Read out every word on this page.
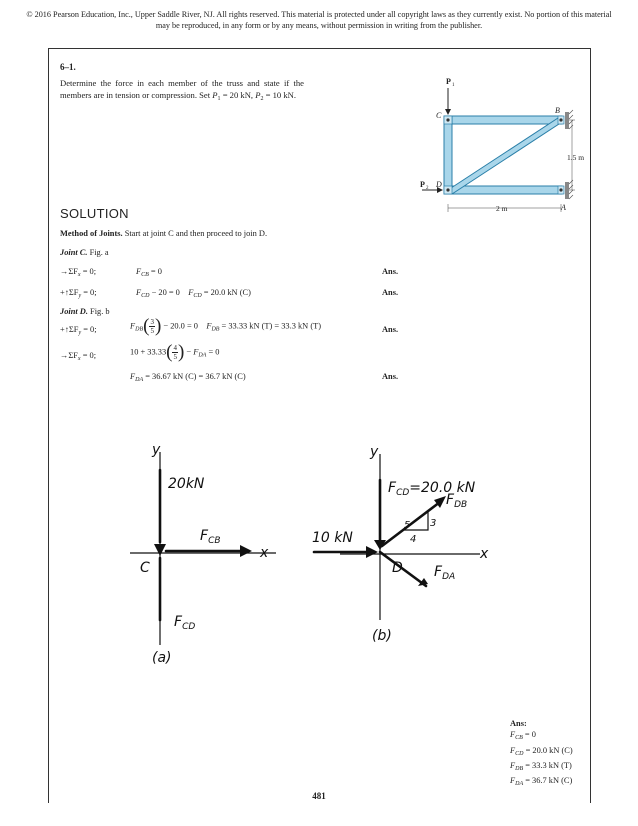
© 2016 Pearson Education, Inc., Upper Saddle River, NJ. All rights reserved. This material is protected under all copyright laws as they currently exist. No portion of this material may be reproduced, in any form or by any means, without permission in writing from the publisher.
6–1.
Determine the force in each member of the truss and state if the members are in tension or compression. Set $P_1 = 20$ kN, $P_2 = 10$ kN.
P 1
C
B
P 2 D
A
1.5 m
2 m
SOLUTION
Method of Joints. Start at joint C and then proceed to join D.
Joint C. Fig. a
$\to\Sigma F_x = 0$;	$F_{CB} = 0$	Ans.
$+↑\Sigma F_y = 0$;	$F_{CD} - 20 = 0$ $F_{CD} = 20.0$ kN (C)	Ans.
Joint D. Fig. b
$+↑\Sigma F_y = 0$;	$F_{DB}( \frac{3}{5}$ ) − 20.0 = 0 $F_{DB} = 33.33$ kN (T) = 33.3 kN (T)	Ans.
$\to\Sigma F_x = 0$;	$10 + 33.33( \frac{4}{5}$ ) − $F_{DA} = 0$
$F_{DA} = 36.67$ kN (C) = 36.7 kN (C)	Ans.
y
20kN
$F_{CB}$
x
C
$F_{CD}$
(a)
y
$F_{CD}=20.0$ kN
$F_{DB}$
10 kN
5
4
3
x
D $F_{DA}$
(b)
Ans:
$F_{CB} = 0$
$F_{CD} = 20.0$ kN (C)
$F_{DB} = 33.3$ kN (T)
$F_{DA} = 36.7$ kN (C)
481
